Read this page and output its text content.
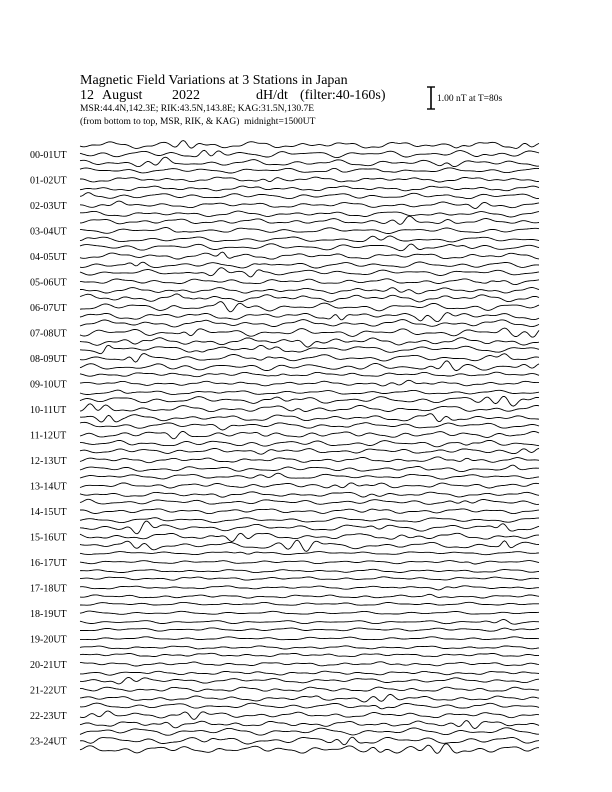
Magnetic Field Variations at 3 Stations in Japan
12 August 2022	dH/dt (filter:40-160s)
MSR:44.4N,142.3E; RIK:43.5N,143.8E; KAG:31.5N,130.7E
(from bottom to top, MSR, RIK, & KAG) midnight=1500UT
1.00 nT at T=80s
00-01UT
01-02UT
02-03UT
03-04UT
04-05UT
05-06UT
06-07UT
07-08UT
08-09UT
09-10UT
10-11UT
11-12UT
12-13UT
13-14UT
14-15UT
15-16UT
16-17UT
17-18UT
18-19UT
19-20UT
20-21UT
21-22UT
22-23UT
23-24UT
